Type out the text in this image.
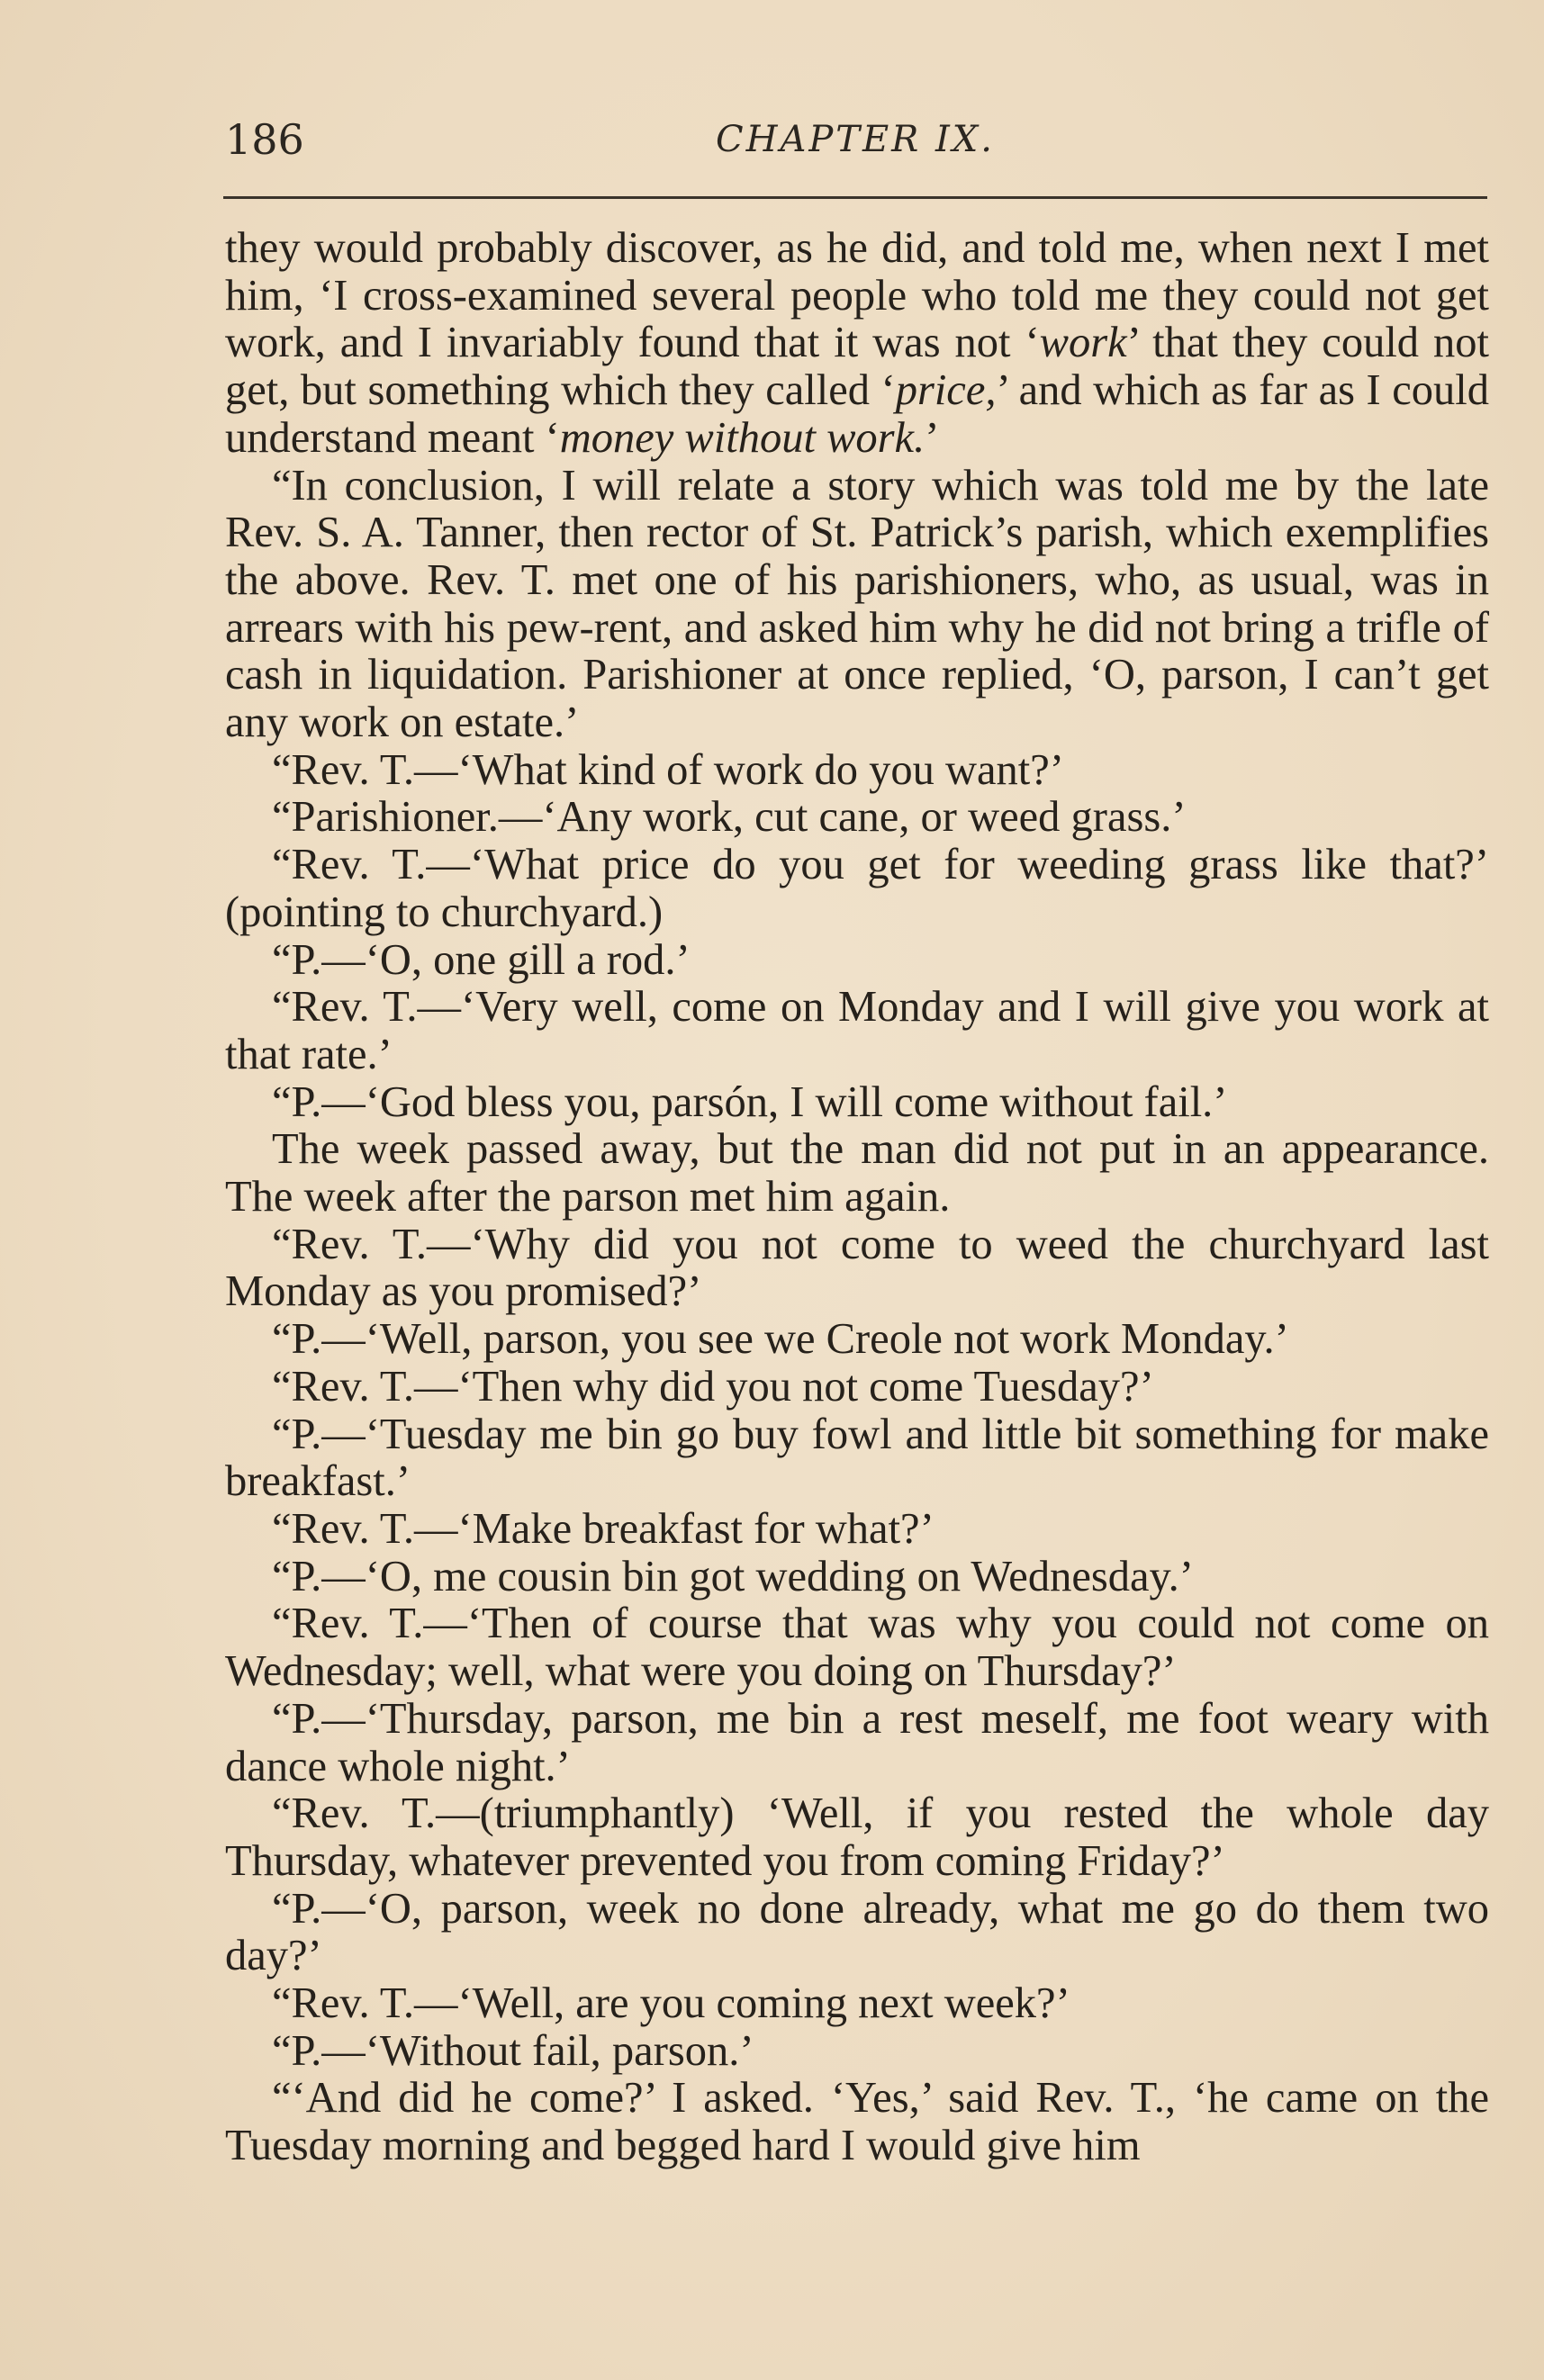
186	CHAPTER IX.

they would probably discover, as he did, and told me, when next I met him, ‘I cross-examined several people who told me they could not get work, and I invariably found that it was not ‘work’ that they could not get, but something which they called ‘price,’ and which as far as I could understand meant ‘money without work.’

“In conclusion, I will relate a story which was told me by the late Rev. S. A. Tanner, then rector of St. Patrick’s parish, which exemplifies the above. Rev. T. met one of his parishioners, who, as usual, was in arrears with his pew-rent, and asked him why he did not bring a trifle of cash in liquidation. Parishioner at once replied, ‘O, parson, I can’t get any work on estate.’

“Rev. T.—‘What kind of work do you want?’

“Parishioner.—‘Any work, cut cane, or weed grass.’

“Rev. T.—‘What price do you get for weeding grass like that?’ (pointing to churchyard.)

“P.—‘O, one gill a rod.’

“Rev. T.—‘Very well, come on Monday and I will give you work at that rate.’

“P.—‘God bless you, parsón, I will come without fail.’

The week passed away, but the man did not put in an appearance. The week after the parson met him again.

“Rev. T.—‘Why did you not come to weed the churchyard last Monday as you promised?’

“P.—‘Well, parson, you see we Creole not work Monday.’

“Rev. T.—‘Then why did you not come Tuesday?’

“P.—‘Tuesday me bin go buy fowl and little bit something for make breakfast.’

“Rev. T.—‘Make breakfast for what?’

“P.—‘O, me cousin bin got wedding on Wednesday.’

“Rev. T.—‘Then of course that was why you could not come on Wednesday; well, what were you doing on Thursday?’

“P.—‘Thursday, parson, me bin a rest meself, me foot weary with dance whole night.’

“Rev. T.—(triumphantly) ‘Well, if you rested the whole day Thursday, whatever prevented you from coming Friday?’

“P.—‘O, parson, week no done already, what me go do them two day?’

“Rev. T.—‘Well, are you coming next week?’

“P.—‘Without fail, parson.’

“‘And did he come?’ I asked. ‘Yes,’ said Rev. T., ‘he came on the Tuesday morning and begged hard I would give him
